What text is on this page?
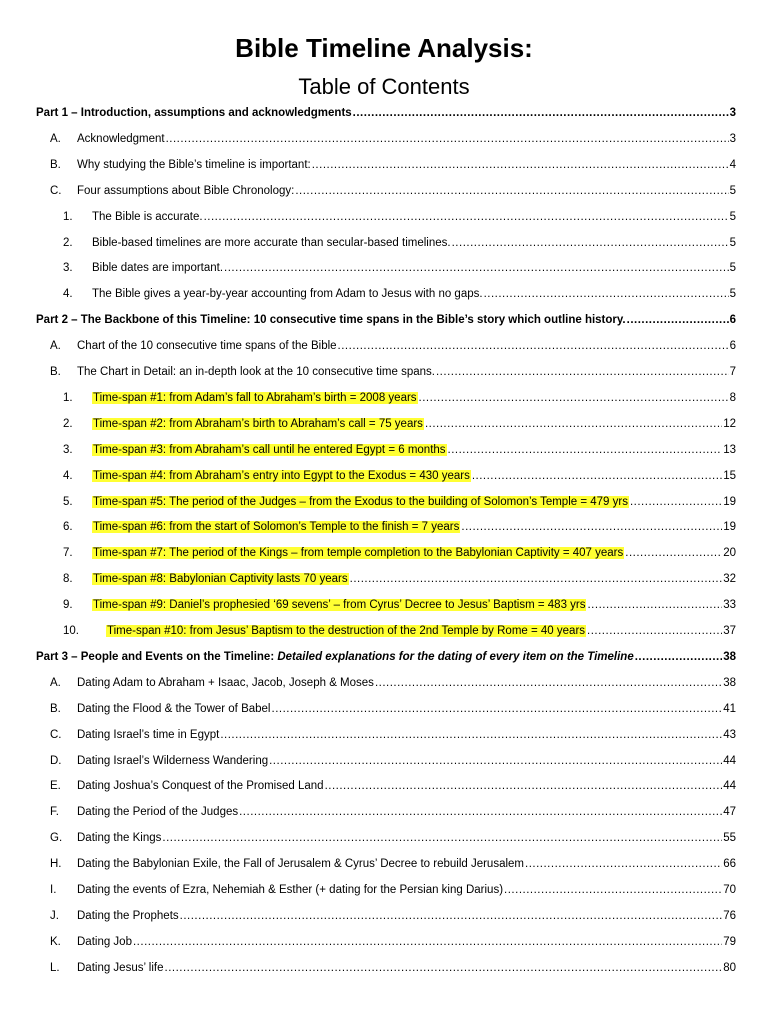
Bible Timeline Analysis:
Table of Contents
Part 1 – Introduction, assumptions and acknowledgments .....	3
A. Acknowledgment .....	3
B. Why studying the Bible’s timeline is important: .....	4
C. Four assumptions about Bible Chronology: .....	5
1. The Bible is accurate. .....	5
2. Bible-based timelines are more accurate than secular-based timelines. .....	5
3. Bible dates are important. .....	5
4. The Bible gives a year-by-year accounting from Adam to Jesus with no gaps. .....	5
Part 2 – The Backbone of this Timeline: 10 consecutive time spans in the Bible’s story which outline history. .....	6
A. Chart of the 10 consecutive time spans of the Bible .....	6
B. The Chart in Detail: an in-depth look at the 10 consecutive time spans. .....	7
1. Time-span #1: from Adam’s fall to Abraham’s birth = 2008 years .....	8
2. Time-span #2: from Abraham’s birth to Abraham’s call = 75 years .....	12
3. Time-span #3: from Abraham’s call until he entered Egypt = 6 months .....	13
4. Time-span #4: from Abraham’s entry into Egypt to the Exodus = 430 years .....	15
5. Time-span #5: The period of the Judges – from the Exodus to the building of Solomon’s Temple = 479 yrs .....	19
6. Time-span #6: from the start of Solomon’s Temple to the finish = 7 years .....	19
7. Time-span #7: The period of the Kings – from temple completion to the Babylonian Captivity = 407 years .....	20
8. Time-span #8: Babylonian Captivity lasts 70 years .....	32
9. Time-span #9: Daniel’s prophesied ‘69 sevens’ – from Cyrus’ Decree to Jesus’ Baptism = 483 yrs .....	33
10. Time-span #10: from Jesus’ Baptism to the destruction of the 2nd Temple by Rome = 40 years .....	37
Part 3 – People and Events on the Timeline: Detailed explanations for the dating of every item on the Timeline .....	38
A. Dating Adam to Abraham + Isaac, Jacob, Joseph & Moses .....	38
B. Dating the Flood & the Tower of Babel .....	41
C. Dating Israel’s time in Egypt .....	43
D. Dating Israel’s Wilderness Wandering .....	44
E. Dating Joshua’s Conquest of the Promised Land .....	44
F. Dating the Period of the Judges .....	47
G. Dating the Kings .....	55
H. Dating the Babylonian Exile, the Fall of Jerusalem & Cyrus’ Decree to rebuild Jerusalem .....	66
I. Dating the events of Ezra, Nehemiah & Esther (+ dating for the Persian king Darius) .....	70
J. Dating the Prophets .....	76
K. Dating Job .....	79
L. Dating Jesus’ life .....	80
